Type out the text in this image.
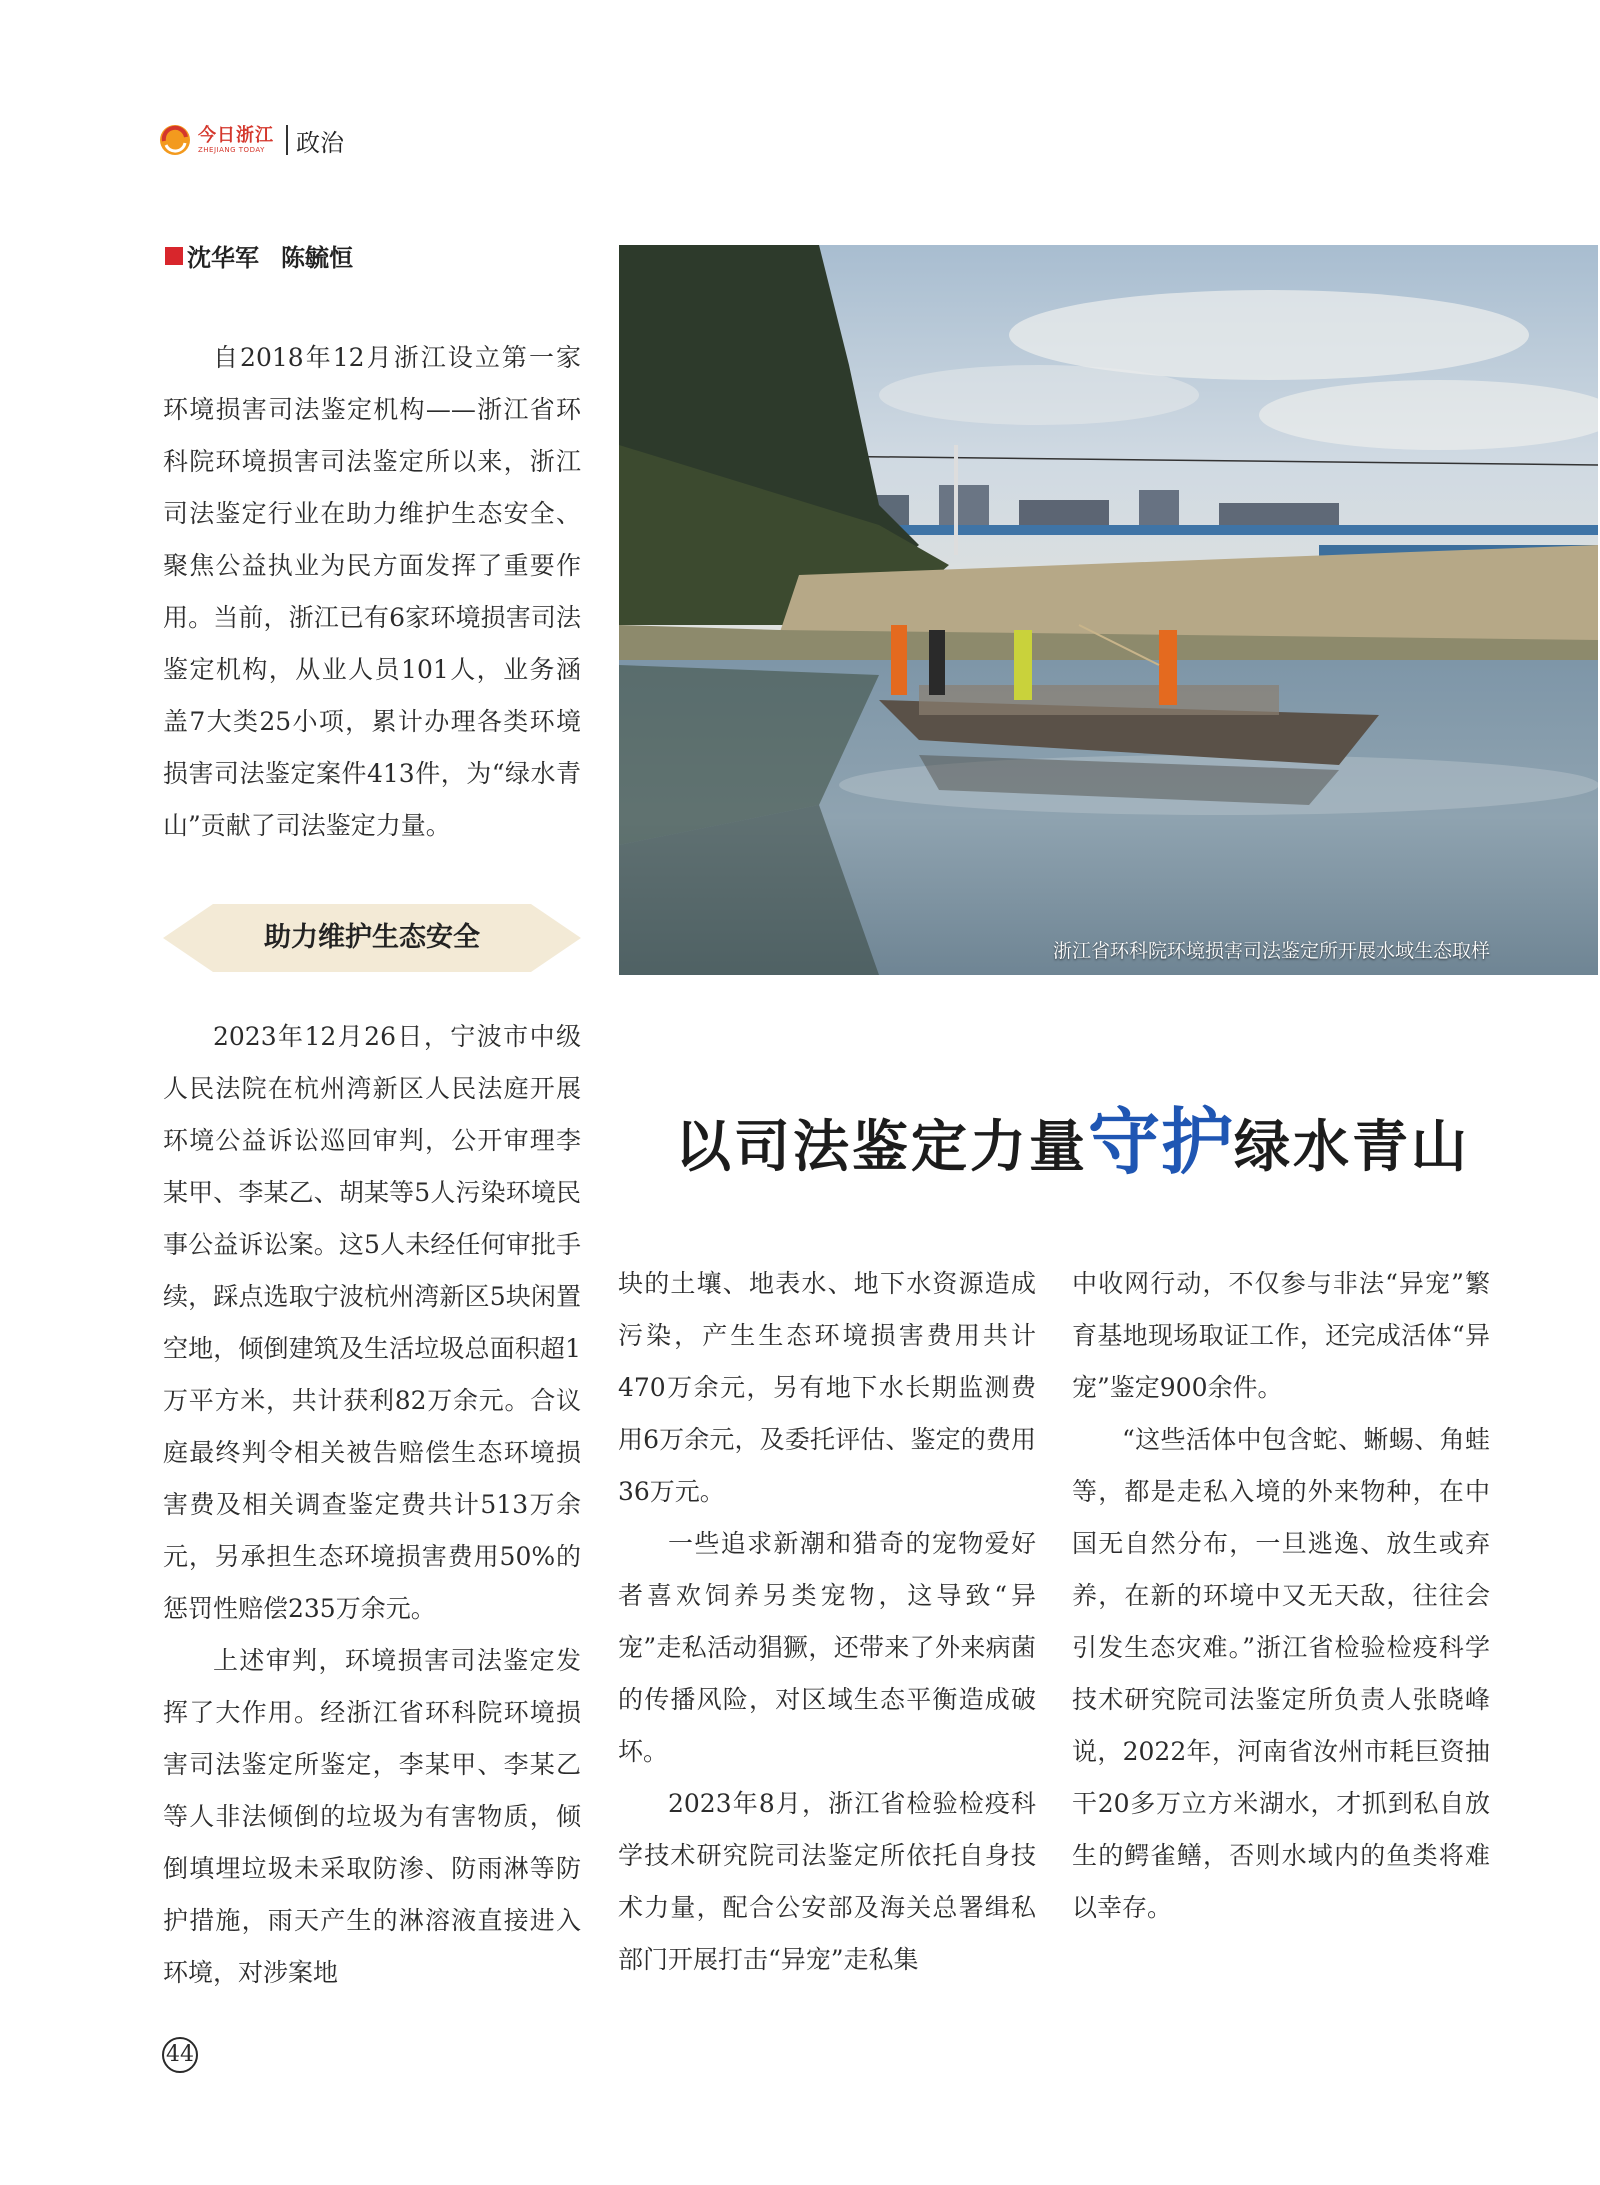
今日浙江
ZHEJIANG TODAY	政治
沈华军 陈毓恒

自2018年12月浙江设立第一家环境损害司法鉴定机构——浙江省环科院环境损害司法鉴定所以来，浙江司法鉴定行业在助力维护生态安全、聚焦公益执业为民方面发挥了重要作用。当前，浙江已有6家环境损害司法鉴定机构，从业人员101人，业务涵盖7大类25小项，累计办理各类环境损害司法鉴定案件413件，为“绿水青山”贡献了司法鉴定力量。

助力维护生态安全

2023年12月26日，宁波市中级人民法院在杭州湾新区人民法庭开展环境公益诉讼巡回审判，公开审理李某甲、李某乙、胡某等5人污染环境民事公益诉讼案。这5人未经任何审批手续，踩点选取宁波杭州湾新区5块闲置空地，倾倒建筑及生活垃圾总面积超1万平方米，共计获利82万余元。合议庭最终判令相关被告赔偿生态环境损害费及相关调查鉴定费共计513万余元，另承担生态环境损害费用50%的惩罚性赔偿235万余元。

上述审判，环境损害司法鉴定发挥了大作用。经浙江省环科院环境损害司法鉴定所鉴定，李某甲、李某乙等人非法倾倒的垃圾为有害物质，倾倒填埋垃圾未采取防渗、防雨淋等防护措施，雨天产生的淋溶液直接进入环境，对涉案地

浙江省环科院环境损害司法鉴定所开展水域生态取样
以司法鉴定力量 守护 绿水青山

块的土壤、地表水、地下水资源造成污染，产生生态环境损害费用共计470万余元，另有地下水长期监测费用6万余元，及委托评估、鉴定的费用36万元。

一些追求新潮和猎奇的宠物爱好者喜欢饲养另类宠物，这导致“异宠”走私活动猖獗，还带来了外来病菌的传播风险，对区域生态平衡造成破坏。

2023年8月，浙江省检验检疫科学技术研究院司法鉴定所依托自身技术力量，配合公安部及海关总署缉私部门开展打击“异宠”走私集

中收网行动，不仅参与非法“异宠”繁育基地现场取证工作，还完成活体“异宠”鉴定900余件。

“这些活体中包含蛇、蜥蜴、角蛙等，都是走私入境的外来物种，在中国无自然分布，一旦逃逸、放生或弃养，在新的环境中又无天敌，往往会引发生态灾难。”浙江省检验检疫科学技术研究院司法鉴定所负责人张晓峰说，2022年，河南省汝州市耗巨资抽干20多万立方米湖水，才抓到私自放生的鳄雀鳝，否则水域内的鱼类将难以幸存。

44
